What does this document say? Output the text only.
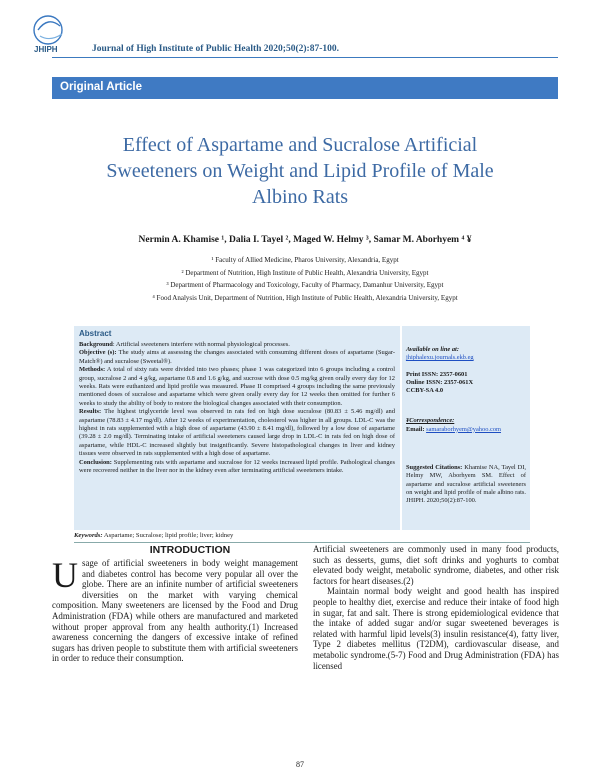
JHIPH	Journal of High Institute of Public Health 2020;50(2):87-100.
Original Article
Effect of Aspartame and Sucralose Artificial
Sweeteners on Weight and Lipid Profile of Male
Albino Rats
Nermin A. Khamise ¹, Dalia I. Tayel ², Maged W. Helmy ³, Samar M. Aborhyem ⁴ ¥
¹ Faculty of Allied Medicine, Pharos University, Alexandria, Egypt
² Department of Nutrition, High Institute of Public Health, Alexandria University, Egypt
³ Department of Pharmacology and Toxicology, Faculty of Pharmacy, Damanhur University, Egypt
⁴ Food Analysis Unit, Department of Nutrition, High Institute of Public Health, Alexandria University, Egypt
Abstract

Background: Artificial sweeteners interfere with normal physiological processes.

Objective (s): The study aims at assessing the changes associated with consuming different doses of aspartame (Sugar-Match®) and sucralose (Sweetal®).

Methods: A total of sixty rats were divided into two phases; phase 1 was categorized into 6 groups including a control group, sucralose 2 and 4 g/kg, aspartame 0.8 and 1.6 g/kg, and sucrose with dose 0.5 mg/kg given orally every day for 12 weeks. Rats were euthanized and lipid profile was measured. Phase II comprised 4 groups including the same previously mentioned doses of sucralose and aspartame which were given orally every day for 12 weeks then omitted for further 6 weeks to study the ability of body to restore the biological changes associated with their consumption.

Results: The highest triglyceride level was observed in rats fed on high dose sucralose (80.83 ± 5.46 mg/dl) and aspartame (78.83 ± 4.17 mg/dl). After 12 weeks of experimentation, cholesterol was higher in all groups. LDL-C was the highest in rats supplemented with a high dose of aspartame (43.90 ± 8.41 mg/dl), followed by a low dose of aspartame (39.28 ± 2.0 mg/dl). Terminating intake of artificial sweeteners caused large drop in LDL-C in rats fed on high dose of aspartame, while HDL-C increased slightly but insignificantly. Severe histopathological changes in liver and kidney tissues were observed in rats supplemented with a high dose of aspartame.

Conclusion: Supplementing rats with aspartame and sucralose for 12 weeks increased lipid profile. Pathological changes were recovered neither in the liver nor in the kidney even after terminating artificial sweeteners intake.

Available on line at:
jhiphalexu.journals.ekb.eg
Print ISSN: 2357-0601
Online ISSN: 2357-061X
CCBY-SA 4.0
¥Correspondence:
Email: samaraborhyem@yahoo.com
Suggested Citations: Khamise NA, Tayel DI, Helmy MW, Aborhyem SM. Effect of aspartame and sucralose artificial sweeteners on weight and lipid profile of male albino rats. JHIPH. 2020;50(2):87-100.
Keywords: Aspartame; Sucralose; lipid profile; liver; kidney
INTRODUCTION
Usage of artificial sweeteners in body weight management and diabetes control has become very popular all over the globe. There are an infinite number of artificial sweeteners diversities on the market with varying chemical composition. Many sweeteners are licensed by the Food and Drug Administration (FDA) while others are manufactured and marketed without proper approval from any health authority.(1) Increased awareness concerning the dangers of excessive intake of refined sugars has driven people to substitute them with artificial sweeteners in order to reduce their consumption.

Artificial sweeteners are commonly used in many food products, such as desserts, gums, diet soft drinks and yoghurts to combat elevated body weight, metabolic syndrome, diabetes, and other risk factors for heart diseases.(2)

Maintain normal body weight and good health has inspired people to healthy diet, exercise and reduce their intake of food high in sugar, fat and salt. There is strong epidemiological evidence that the intake of added sugar and/or sugar sweetened beverages is related with harmful lipid levels(3) insulin resistance(4), fatty liver, Type 2 diabetes mellitus (T2DM), cardiovascular disease, and metabolic syndrome.(5-7) Food and Drug Administration (FDA) has licensed

87
